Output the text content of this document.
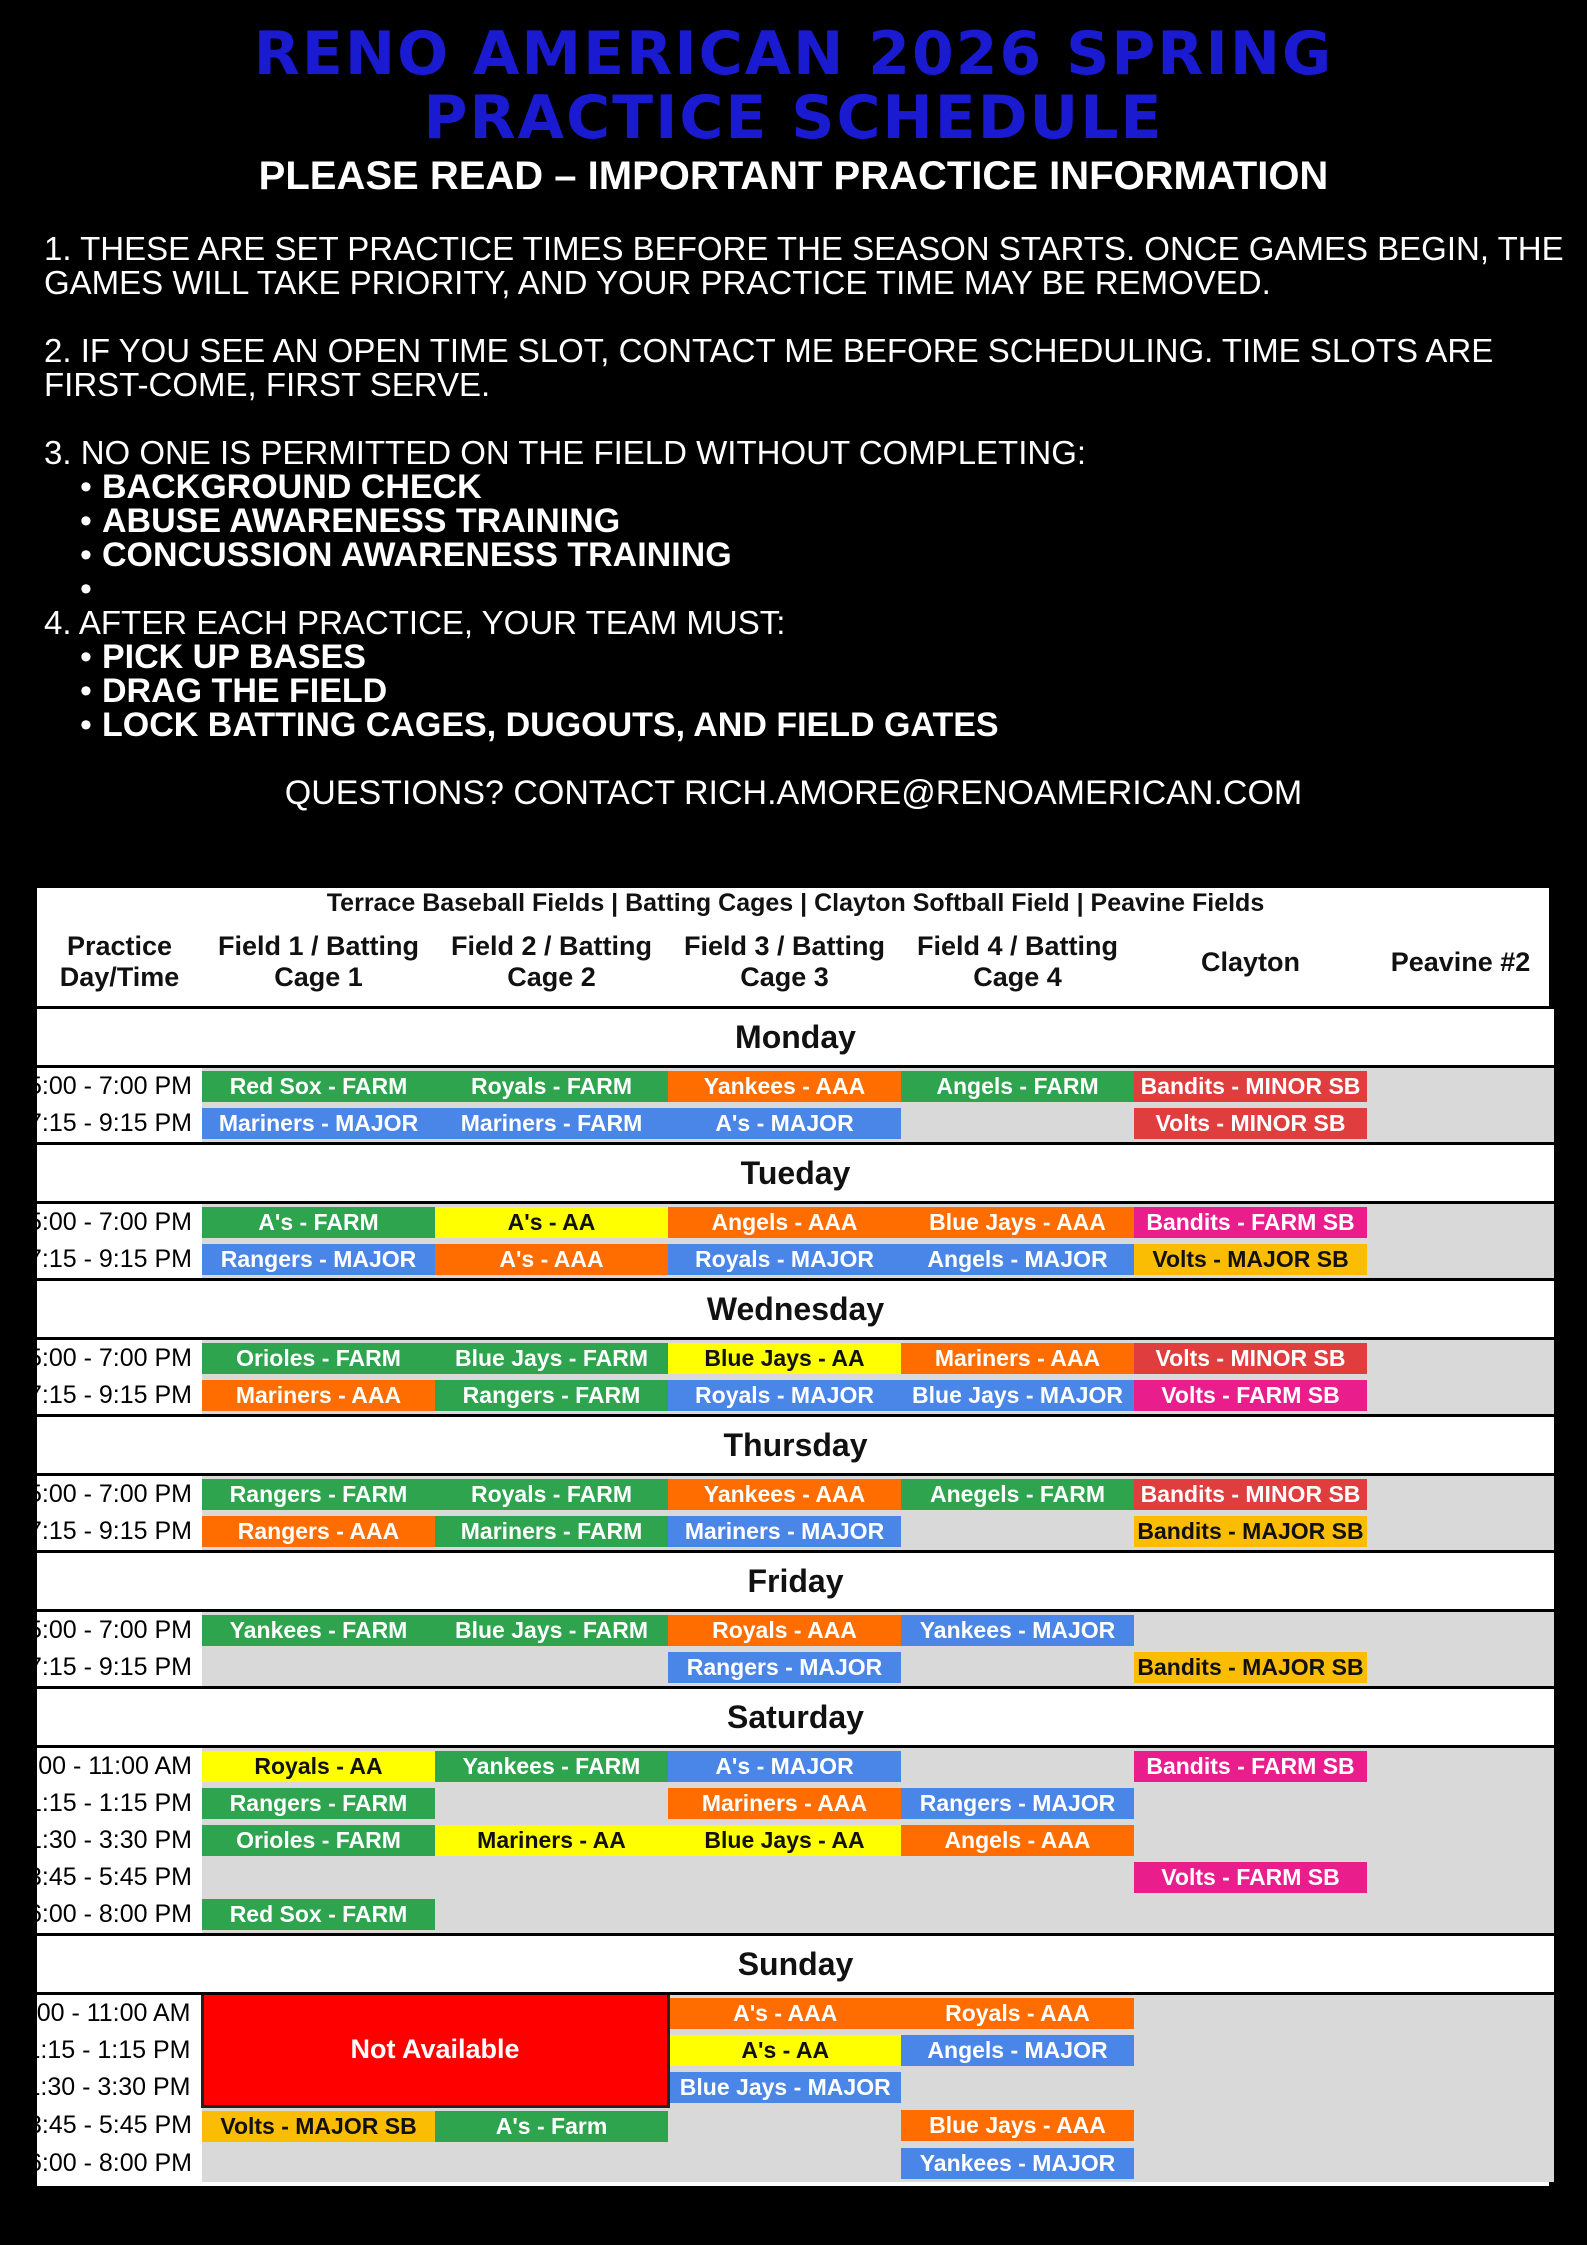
RENO AMERICAN 2026 SPRING
PRACTICE SCHEDULE
PLEASE READ – IMPORTANT PRACTICE INFORMATION

1. THESE ARE SET PRACTICE TIMES BEFORE THE SEASON STARTS. ONCE GAMES BEGIN, THE GAMES WILL TAKE PRIORITY, AND YOUR PRACTICE TIME MAY BE REMOVED.

2. IF YOU SEE AN OPEN TIME SLOT, CONTACT ME BEFORE SCHEDULING. TIME SLOTS ARE FIRST-COME, FIRST SERVE.

3. NO ONE IS PERMITTED ON THE FIELD WITHOUT COMPLETING:

• BACKGROUND CHECK
• ABUSE AWARENESS TRAINING
• CONCUSSION AWARENESS TRAINING
•

4. AFTER EACH PRACTICE, YOUR TEAM MUST:

• PICK UP BASES
• DRAG THE FIELD
• LOCK BATTING CAGES, DUGOUTS, AND FIELD GATES
QUESTIONS? CONTACT RICH.AMORE@RENOAMERICAN.COM
Terrace Baseball Fields | Batting Cages | Clayton Softball Field | Peavine Fields						
Practice Day/Time	Field 1 / Batting Cage 1	Field 2 / Batting Cage 2	Field 3 / Batting Cage 3	Field 4 / Batting Cage 4	Clayton	Peavine #2
Monday						
5:00 - 7:00 PM	Red Sox - FARM	Royals - FARM	Yankees - AAA	Angels - FARM	Bandits - MINOR SB	

7:15 - 9:15 PM	Mariners - MAJOR	Mariners - FARM	A's - MAJOR		Volts - MINOR SB	

Tueday						
5:00 - 7:00 PM	A's - FARM	A's - AA	Angels - AAA	Blue Jays - AAA	Bandits - FARM SB	

7:15 - 9:15 PM	Rangers - MAJOR	A's - AAA	Royals - MAJOR	Angels - MAJOR	Volts - MAJOR SB	

Wednesday						
5:00 - 7:00 PM	Orioles - FARM	Blue Jays - FARM	Blue Jays - AA	Mariners - AAA	Volts - MINOR SB	

7:15 - 9:15 PM	Mariners - AAA	Rangers - FARM	Royals - MAJOR	Blue Jays - MAJOR	Volts - FARM SB	

Thursday						
5:00 - 7:00 PM	Rangers - FARM	Royals - FARM	Yankees - AAA	Anegels - FARM	Bandits - MINOR SB	

7:15 - 9:15 PM	Rangers - AAA	Mariners - FARM	Mariners - MAJOR		Bandits - MAJOR SB	

Friday						
5:00 - 7:00 PM	Yankees - FARM	Blue Jays - FARM	Royals - AAA	Yankees - MAJOR		

7:15 - 9:15 PM			Rangers - MAJOR		Bandits - MAJOR SB	

Saturday						
9:00 - 11:00 AM	Royals - AA	Yankees - FARM	A's - MAJOR		Bandits - FARM SB	

11:15 - 1:15 PM	Rangers - FARM		Mariners - AAA	Rangers - MAJOR		

1:30 - 3:30 PM	Orioles - FARM	Mariners - AA	Blue Jays - AA	Angels - AAA		

3:45 - 5:45 PM					Volts - FARM SB	

6:00 - 8:00 PM	Red Sox - FARM					

Sunday						
9:00 - 11:00 AM	Not Available		A's - AAA	Royals - AAA		

11:15 - 1:15 PM			A's - AA	Angels - MAJOR		

1:30 - 3:30 PM			Blue Jays - MAJOR			

3:45 - 5:45 PM	Volts - MAJOR SB	A's - Farm		Blue Jays - AAA		

6:00 - 8:00 PM				Yankees - MAJOR		
